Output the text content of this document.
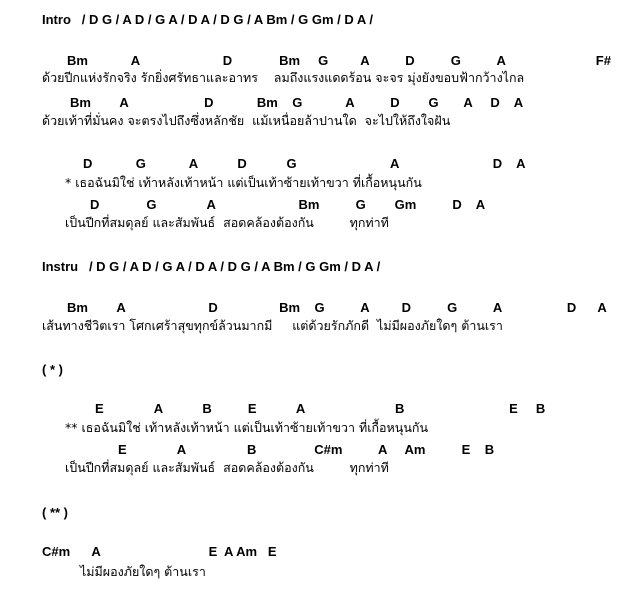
Intro   / D G / A D / G A / D A / D G / A Bm / G Gm / D A /
Bm            A                       D             Bm     G         A          D          G          A                         F#
ด้วยปีกแห่งรักจริง รักยิ่งศรัทธาและอาทร    ลมถึงแรงแดดร้อน จะจร มุ่งยังขอบฟ้ากว้างไกล
Bm        A                     D            Bm    G            A          D        G       A     D    A
ด้วยเท้าที่มั่นคง จะตรงไปถึงซึ่งหลักชัย  แม้เหนื่อยล้าปานใด  จะไปให้ถึงใจฝัน
D            G            A           D           G                          A                          D    A
* เธอฉันมิใช่ เท้าหลังเท้าหน้า แต่เป็นเท้าซ้ายเท้าขวา ที่เกื้อหนุนกัน
D             G              A                       Bm          G        Gm          D    A
เป็นปีกที่สมดุลย์ และสัมพันธ์  สอดคล้องต้องกัน         ทุกท่าที
Instru   / D G / A D / G A / D A / D G / A Bm / G Gm / D A /
Bm        A                       D                 Bm    G          A         D          G          A                  D      A
เส้นทางชีวิตเรา โศกเศร้าสุขทุกข์ล้วนมากมี     แต่ด้วยรักภักดี  ไม่มีผองภัยใดๆ ต้านเรา
( * )
E              A           B          E           A                         B                             E     B
** เธอฉันมิใช่ เท้าหลังเท้าหน้า แต่เป็นเท้าซ้ายเท้าขวา ที่เกื้อหนุนกัน
E              A                 B                C#m          A     Am          E    B
เป็นปีกที่สมดุลย์ และสัมพันธ์  สอดคล้องต้องกัน         ทุกท่าที
( ** )
C#m      A                              E  A Am   E
ไม่มีผองภัยใดๆ ต้านเรา
